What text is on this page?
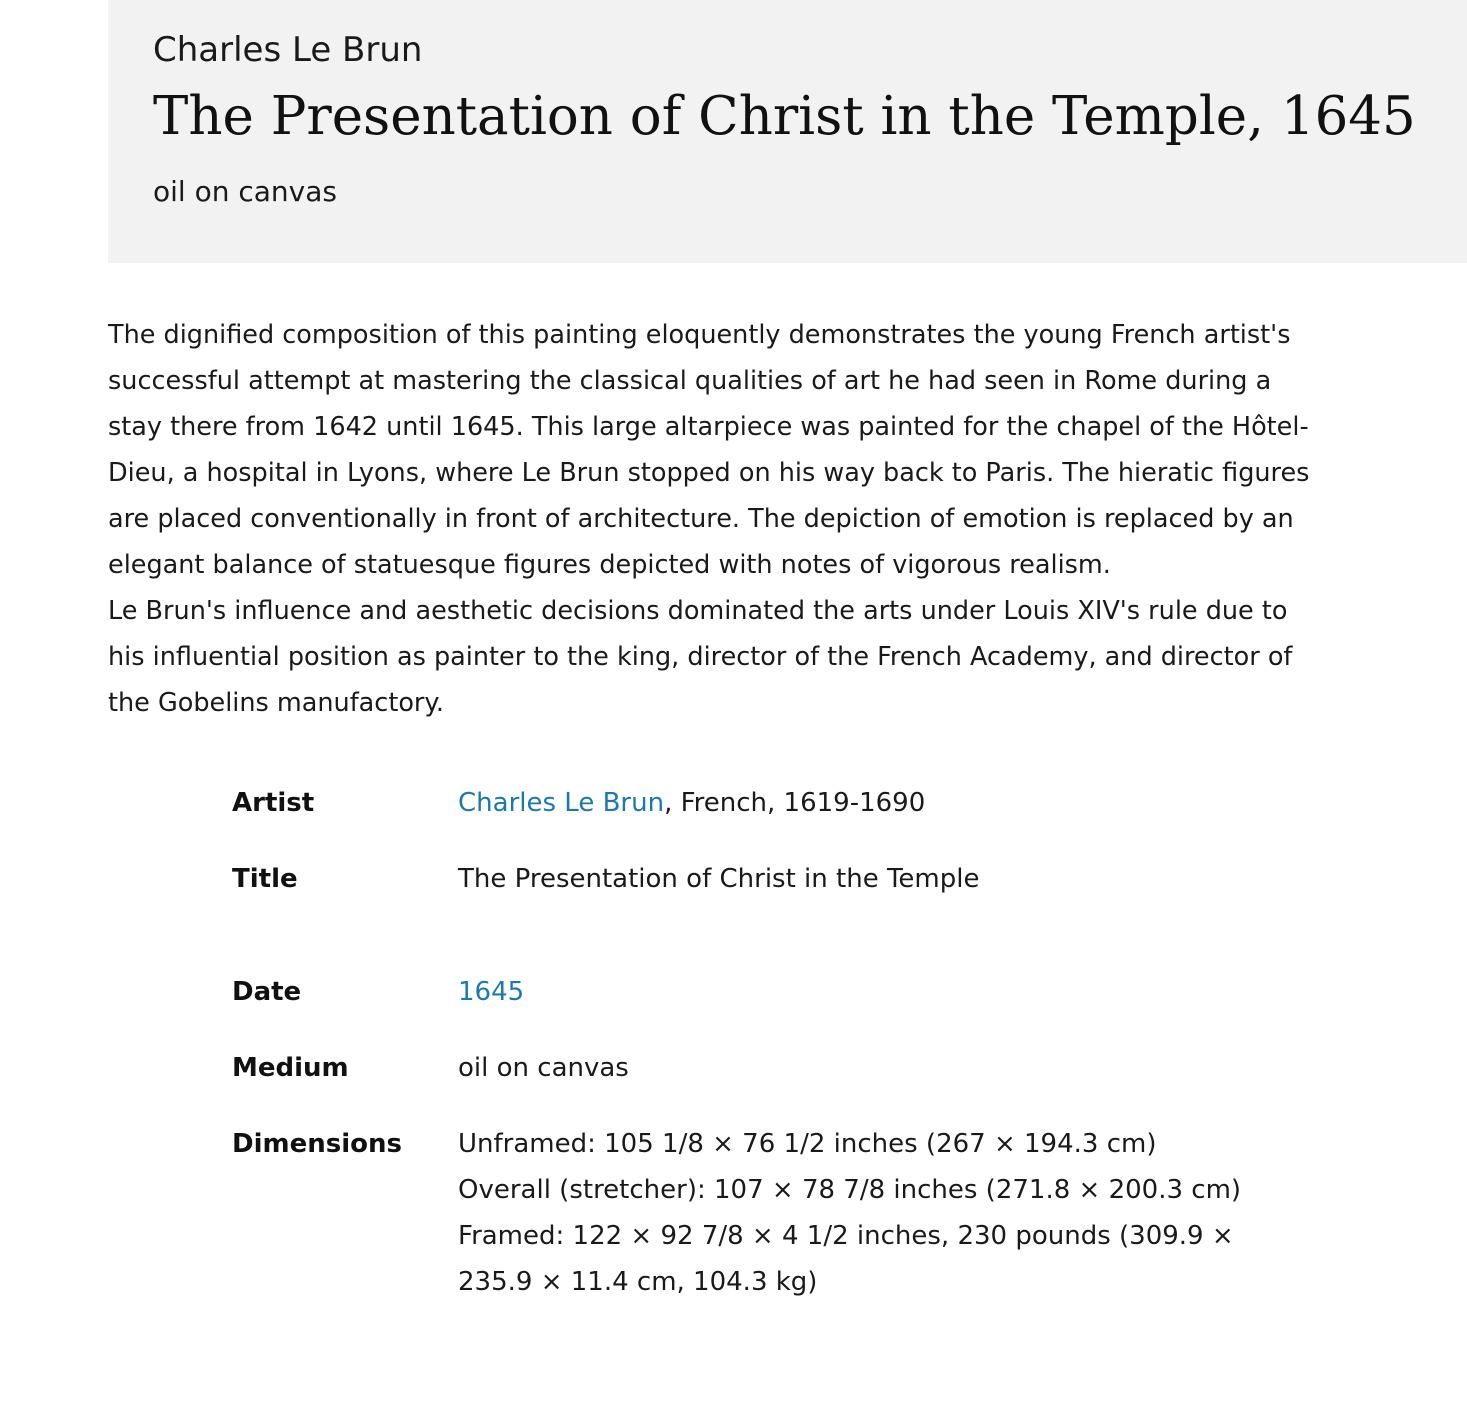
Charles Le Brun
The Presentation of Christ in the Temple, 1645
oil on canvas

The dignified composition of this painting eloquently demonstrates the young French artist's successful attempt at mastering the classical qualities of art he had seen in Rome during a stay there from 1642 until 1645. This large altarpiece was painted for the chapel of the Hôtel-Dieu, a hospital in Lyons, where Le Brun stopped on his way back to Paris. The hieratic figures are placed conventionally in front of architecture. The depiction of emotion is replaced by an elegant balance of statuesque figures depicted with notes of vigorous realism.

Le Brun's influence and aesthetic decisions dominated the arts under Louis XIV's rule due to his influential position as painter to the king, director of the French Academy, and director of the Gobelins manufactory.

Artist	Charles Le Brun, French, 1619-1690
Title	The Presentation of Christ in the Temple
Date	1645
Medium	oil on canvas
Dimensions Unframed: 105 1/8 × 76 1/2 inches (267 × 194.3 cm)
Overall (stretcher): 107 × 78 7/8 inches (271.8 × 200.3 cm)
Framed: 122 × 92 7/8 × 4 1/2 inches, 230 pounds (309.9 × 235.9 × 11.4 cm, 104.3 kg)
